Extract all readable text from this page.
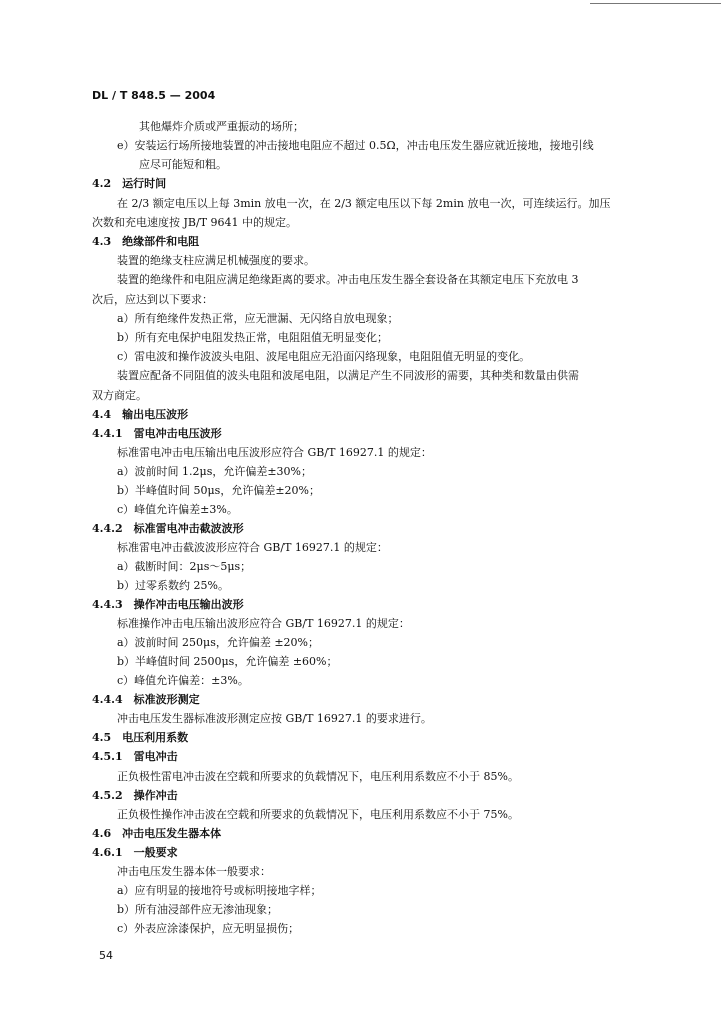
DL / T 848.5 — 2004
其他爆炸介质或严重振动的场所；
e）安装运行场所接地装置的冲击接地电阻应不超过 0.5Ω，冲击电压发生器应就近接地，接地引线
应尽可能短和粗。
4.2　运行时间
在 2/3 额定电压以上每 3min 放电一次，在 2/3 额定电压以下每 2min 放电一次，可连续运行。加压
次数和充电速度按 JB/T 9641 中的规定。
4.3　绝缘部件和电阻
装置的绝缘支柱应满足机械强度的要求。
装置的绝缘件和电阻应满足绝缘距离的要求。冲击电压发生器全套设备在其额定电压下充放电 3
次后，应达到以下要求：
a）所有绝缘件发热正常，应无泄漏、无闪络自放电现象；
b）所有充电保护电阻发热正常，电阻阻值无明显变化；
c）雷电波和操作波波头电阻、波尾电阻应无沿面闪络现象，电阻阻值无明显的变化。
装置应配备不同阻值的波头电阻和波尾电阻，以满足产生不同波形的需要，其种类和数量由供需
双方商定。
4.4　输出电压波形
4.4.1　雷电冲击电压波形
标准雷电冲击电压输出电压波形应符合 GB/T 16927.1 的规定：
a）波前时间 1.2μs，允许偏差±30%；
b）半峰值时间 50μs，允许偏差±20%；
c）峰值允许偏差±3%。
4.4.2　标准雷电冲击截波波形
标准雷电冲击截波波形应符合 GB/T 16927.1 的规定：
a）截断时间：2μs～5μs；
b）过零系数约 25%。
4.4.3　操作冲击电压输出波形
标准操作冲击电压输出波形应符合 GB/T 16927.1 的规定：
a）波前时间 250μs，允许偏差 ±20%；
b）半峰值时间 2500μs，允许偏差 ±60%；
c）峰值允许偏差：±3%。
4.4.4　标准波形测定
冲击电压发生器标准波形测定应按 GB/T 16927.1 的要求进行。
4.5　电压利用系数
4.5.1　雷电冲击
正负极性雷电冲击波在空载和所要求的负载情况下，电压利用系数应不小于 85%。
4.5.2　操作冲击
正负极性操作冲击波在空载和所要求的负载情况下，电压利用系数应不小于 75%。
4.6　冲击电压发生器本体
4.6.1　一般要求
冲击电压发生器本体一般要求：
a）应有明显的接地符号或标明接地字样；
b）所有油浸部件应无渗油现象；
c）外表应涂漆保护，应无明显损伤；
54
